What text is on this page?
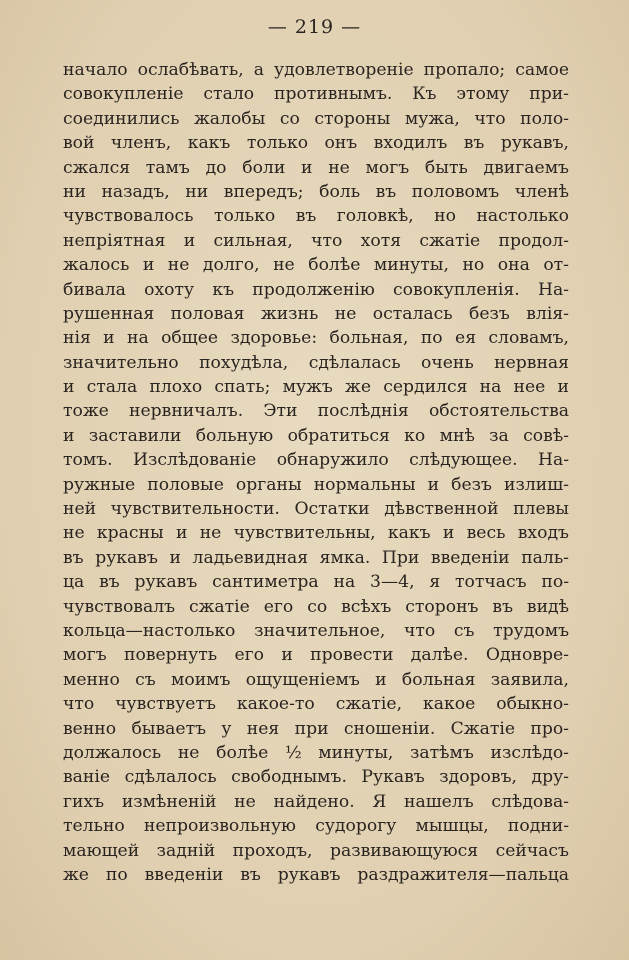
— 219 —
начало ослабѣвать, а удовлетвореніе пропало; самое
совокупленіе стало противнымъ. Къ этому при-
соединились жалобы со стороны мужа, что поло-
вой членъ, какъ только онъ входилъ въ рукавъ,
сжался тамъ до боли и не могъ быть двигаемъ
ни назадъ, ни впередъ; боль въ половомъ членѣ
чувствовалось только въ головкѣ, но настолько
непріятная и сильная, что хотя сжатіе продол-
жалось и не долго, не болѣе минуты, но она от-
бивала охоту къ продолженію совокупленія. На-
рушенная половая жизнь не осталась безъ влія-
нія и на общее здоровье: больная, по ея словамъ,
значительно похудѣла, сдѣлалась очень нервная
и стала плохо спать; мужъ же сердился на нее и
тоже нервничалъ. Эти послѣднія обстоятельства
и заставили больную обратиться ко мнѣ за совѣ-
томъ. Изслѣдованіе обнаружило слѣдующее. На-
ружные половые органы нормальны и безъ излиш-
ней чувствительности. Остатки дѣвственной плевы
не красны и не чувствительны, какъ и весь входъ
въ рукавъ и ладьевидная ямка. При введеніи паль-
ца въ рукавъ сантиметра на 3—4, я тотчасъ по-
чувствовалъ сжатіе его со всѣхъ сторонъ въ видѣ
кольца—настолько значительное, что съ трудомъ
могъ повернуть его и провести далѣе. Одновре-
менно съ моимъ ощущеніемъ и больная заявила,
что чувствуетъ какое-то сжатіе, какое обыкно-
венно бываетъ у нея при сношеніи. Сжатіе про-
должалось не болѣе ½ минуты, затѣмъ изслѣдо-
ваніе сдѣлалось свободнымъ. Рукавъ здоровъ, дру-
гихъ измѣненій не найдено. Я нашелъ слѣдова-
тельно непроизвольную судорогу мышцы, подни-
мающей задній проходъ, развивающуюся сейчасъ
же по введеніи въ рукавъ раздражителя—пальца
